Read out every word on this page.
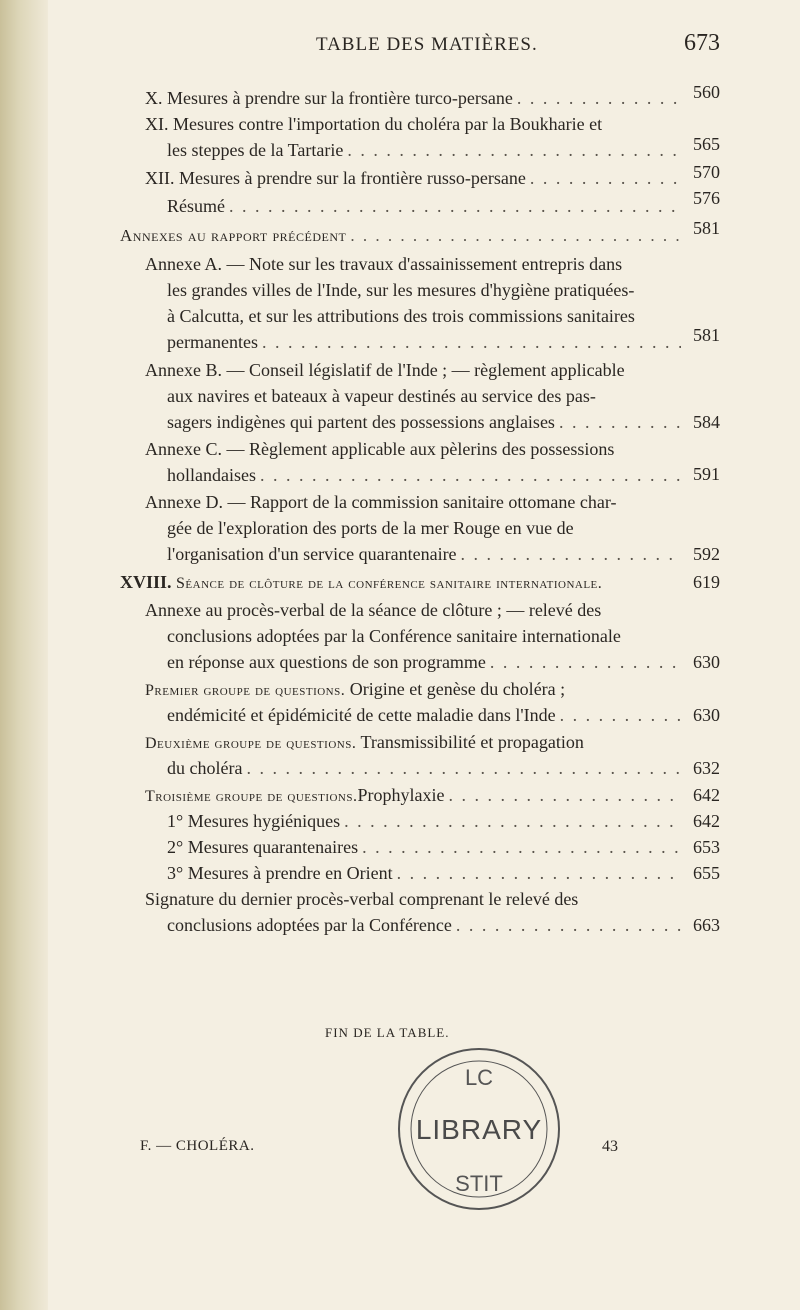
TABLE DES MATIÈRES.	673
X. Mesures à prendre sur la frontière turco-persane . . .	560
XI. Mesures contre l'importation du choléra par la Boukharie et
les steppes de la Tartarie . . .	565
XII. Mesures à prendre sur la frontière russo-persane . . .	570
Résumé . . .	576
Annexes au rapport précédent . . .	581
Annexe A. — Note sur les travaux d'assainissement entrepris dans
les grandes villes de l'Inde, sur les mesures d'hygiène pratiquées-
à Calcutta, et sur les attributions des trois commissions sanitaires
permanentes . . .	581
Annexe B. — Conseil législatif de l'Inde ; — règlement applicable
aux navires et bateaux à vapeur destinés au service des pas-
sagers indigènes qui partent des possessions anglaises . . .	584
Annexe C. — Règlement applicable aux pèlerins des possessions
hollandaises . . .	591
Annexe D. — Rapport de la commission sanitaire ottomane char-
gée de l'exploration des ports de la mer Rouge en vue de
l'organisation d'un service quarantenaire . . .	592
XVIII. Séance de clôture de la conférence sanitaire internationale.	619
Annexe au procès-verbal de la séance de clôture ; — relevé des
conclusions adoptées par la Conférence sanitaire internationale
en réponse aux questions de son programme . . .	630
Premier groupe de questions. Origine et genèse du choléra ;
endémicité et épidémicité de cette maladie dans l'Inde . . .	630
Deuxième groupe de questions. Transmissibilité et propagation
du choléra . . .	632
Troisième groupe de questions. Prophylaxie . . .	642
1° Mesures hygiéniques . . .	642
2° Mesures quarantenaires . . .	653
3° Mesures à prendre en Orient . . .	655
Signature du dernier procès-verbal comprenant le relevé des
conclusions adoptées par la Conférence . . .	663
FIN DE LA TABLE.
LIBRARY
LC
STIT
F. — CHOLÉRA.	43
